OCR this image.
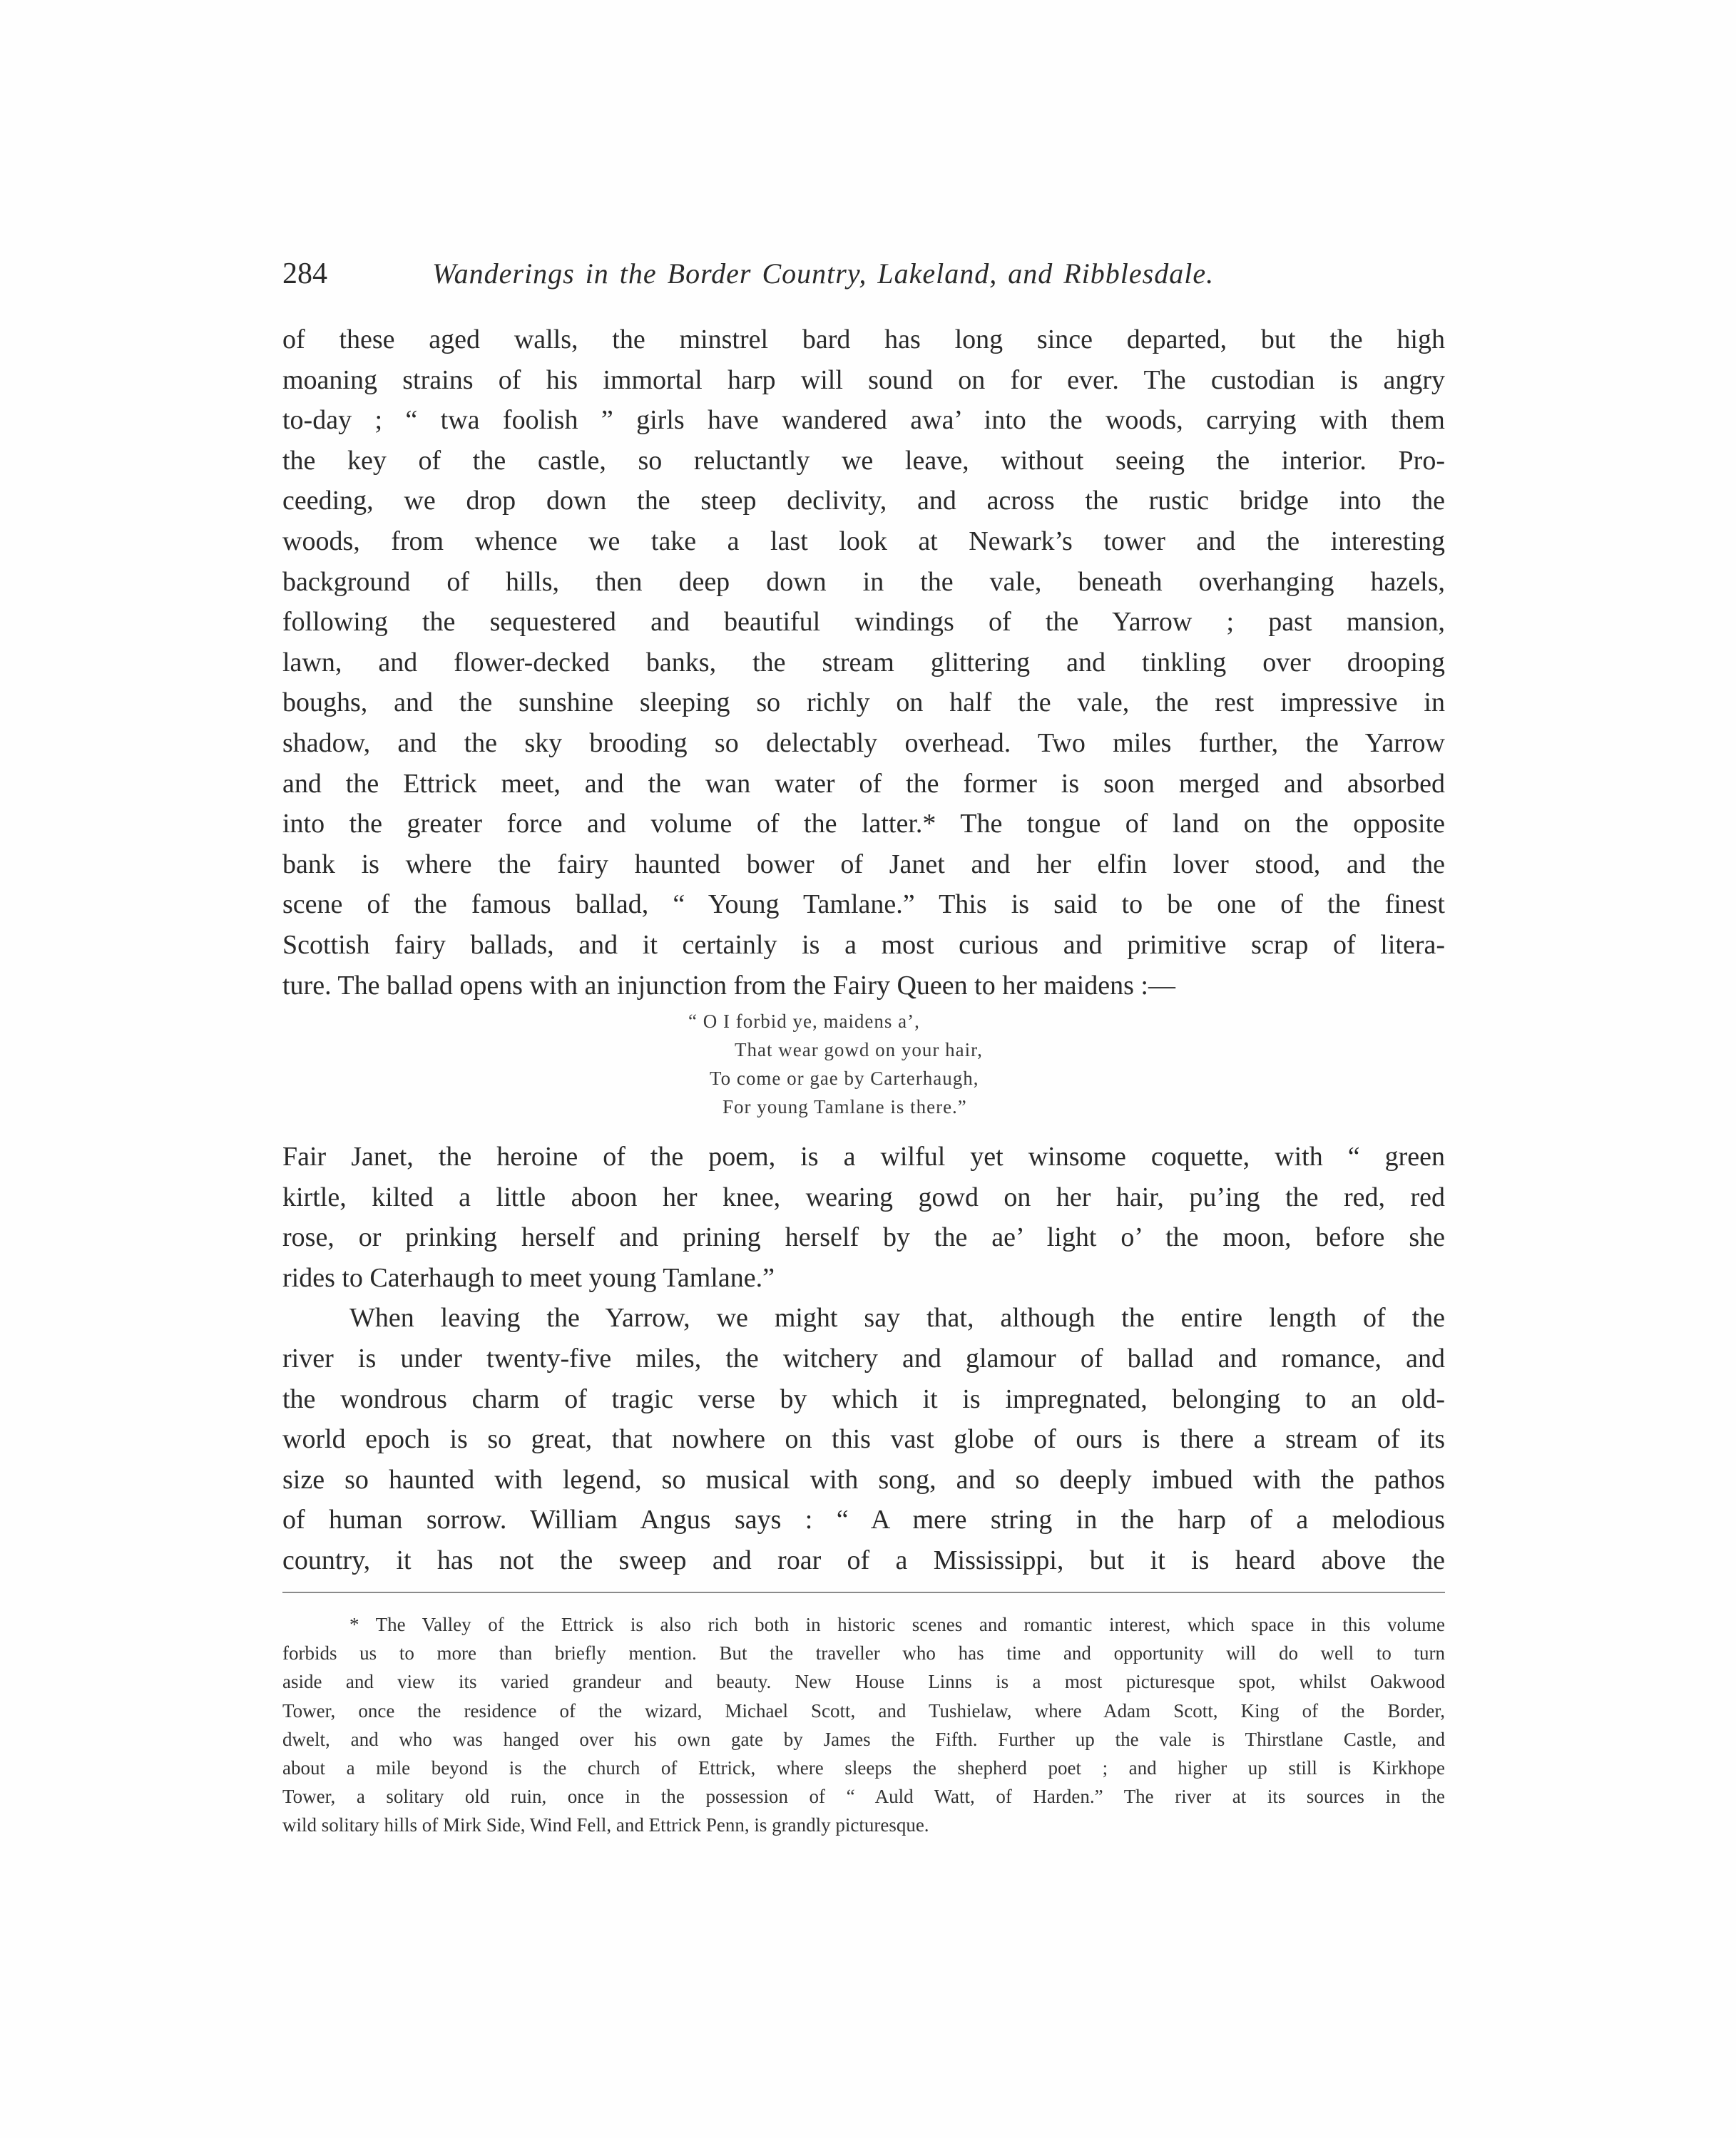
284	Wanderings in the Border Country, Lakeland, and Ribblesdale.
of these aged walls, the minstrel bard has long since departed, but the high
moaning strains of his immortal harp will sound on for ever. The custodian is angry
to-day ; “ twa foolish ” girls have wandered awa’ into the woods, carrying with them
the key of the castle, so reluctantly we leave, without seeing the interior. Pro-
ceeding, we drop down the steep declivity, and across the rustic bridge into the
woods, from whence we take a last look at Newark’s tower and the interesting
background of hills, then deep down in the vale, beneath overhanging hazels,
following the sequestered and beautiful windings of the Yarrow ; past mansion,
lawn, and flower-decked banks, the stream glittering and tinkling over drooping
boughs, and the sunshine sleeping so richly on half the vale, the rest impressive in
shadow, and the sky brooding so delectably overhead. Two miles further, the Yarrow
and the Ettrick meet, and the wan water of the former is soon merged and absorbed
into the greater force and volume of the latter.* The tongue of land on the opposite
bank is where the fairy haunted bower of Janet and her elfin lover stood, and the
scene of the famous ballad, “ Young Tamlane.” This is said to be one of the finest
Scottish fairy ballads, and it certainly is a most curious and primitive scrap of litera-
ture. The ballad opens with an injunction from the Fairy Queen to her maidens :—
“ O I forbid ye, maidens a’,
That wear gowd on your hair,
To come or gae by Carterhaugh,
For young Tamlane is there.”
Fair Janet, the heroine of the poem, is a wilful yet winsome coquette, with “ green
kirtle, kilted a little aboon her knee, wearing gowd on her hair, pu’ing the red, red
rose, or prinking herself and prining herself by the ae’ light o’ the moon, before she
rides to Caterhaugh to meet young Tamlane.”
When leaving the Yarrow, we might say that, although the entire length of the
river is under twenty-five miles, the witchery and glamour of ballad and romance, and
the wondrous charm of tragic verse by which it is impregnated, belonging to an old-
world epoch is so great, that nowhere on this vast globe of ours is there a stream of its
size so haunted with legend, so musical with song, and so deeply imbued with the pathos
of human sorrow. William Angus says : “ A mere string in the harp of a melodious
country, it has not the sweep and roar of a Mississippi, but it is heard above the
* The Valley of the Ettrick is also rich both in historic scenes and romantic interest, which space in this volume
forbids us to more than briefly mention. But the traveller who has time and opportunity will do well to turn
aside and view its varied grandeur and beauty. New House Linns is a most picturesque spot, whilst Oakwood
Tower, once the residence of the wizard, Michael Scott, and Tushielaw, where Adam Scott, King of the Border,
dwelt, and who was hanged over his own gate by James the Fifth. Further up the vale is Thirstlane Castle, and
about a mile beyond is the church of Ettrick, where sleeps the shepherd poet ; and higher up still is Kirkhope
Tower, a solitary old ruin, once in the possession of “ Auld Watt, of Harden.” The river at its sources in the
wild solitary hills of Mirk Side, Wind Fell, and Ettrick Penn, is grandly picturesque.
